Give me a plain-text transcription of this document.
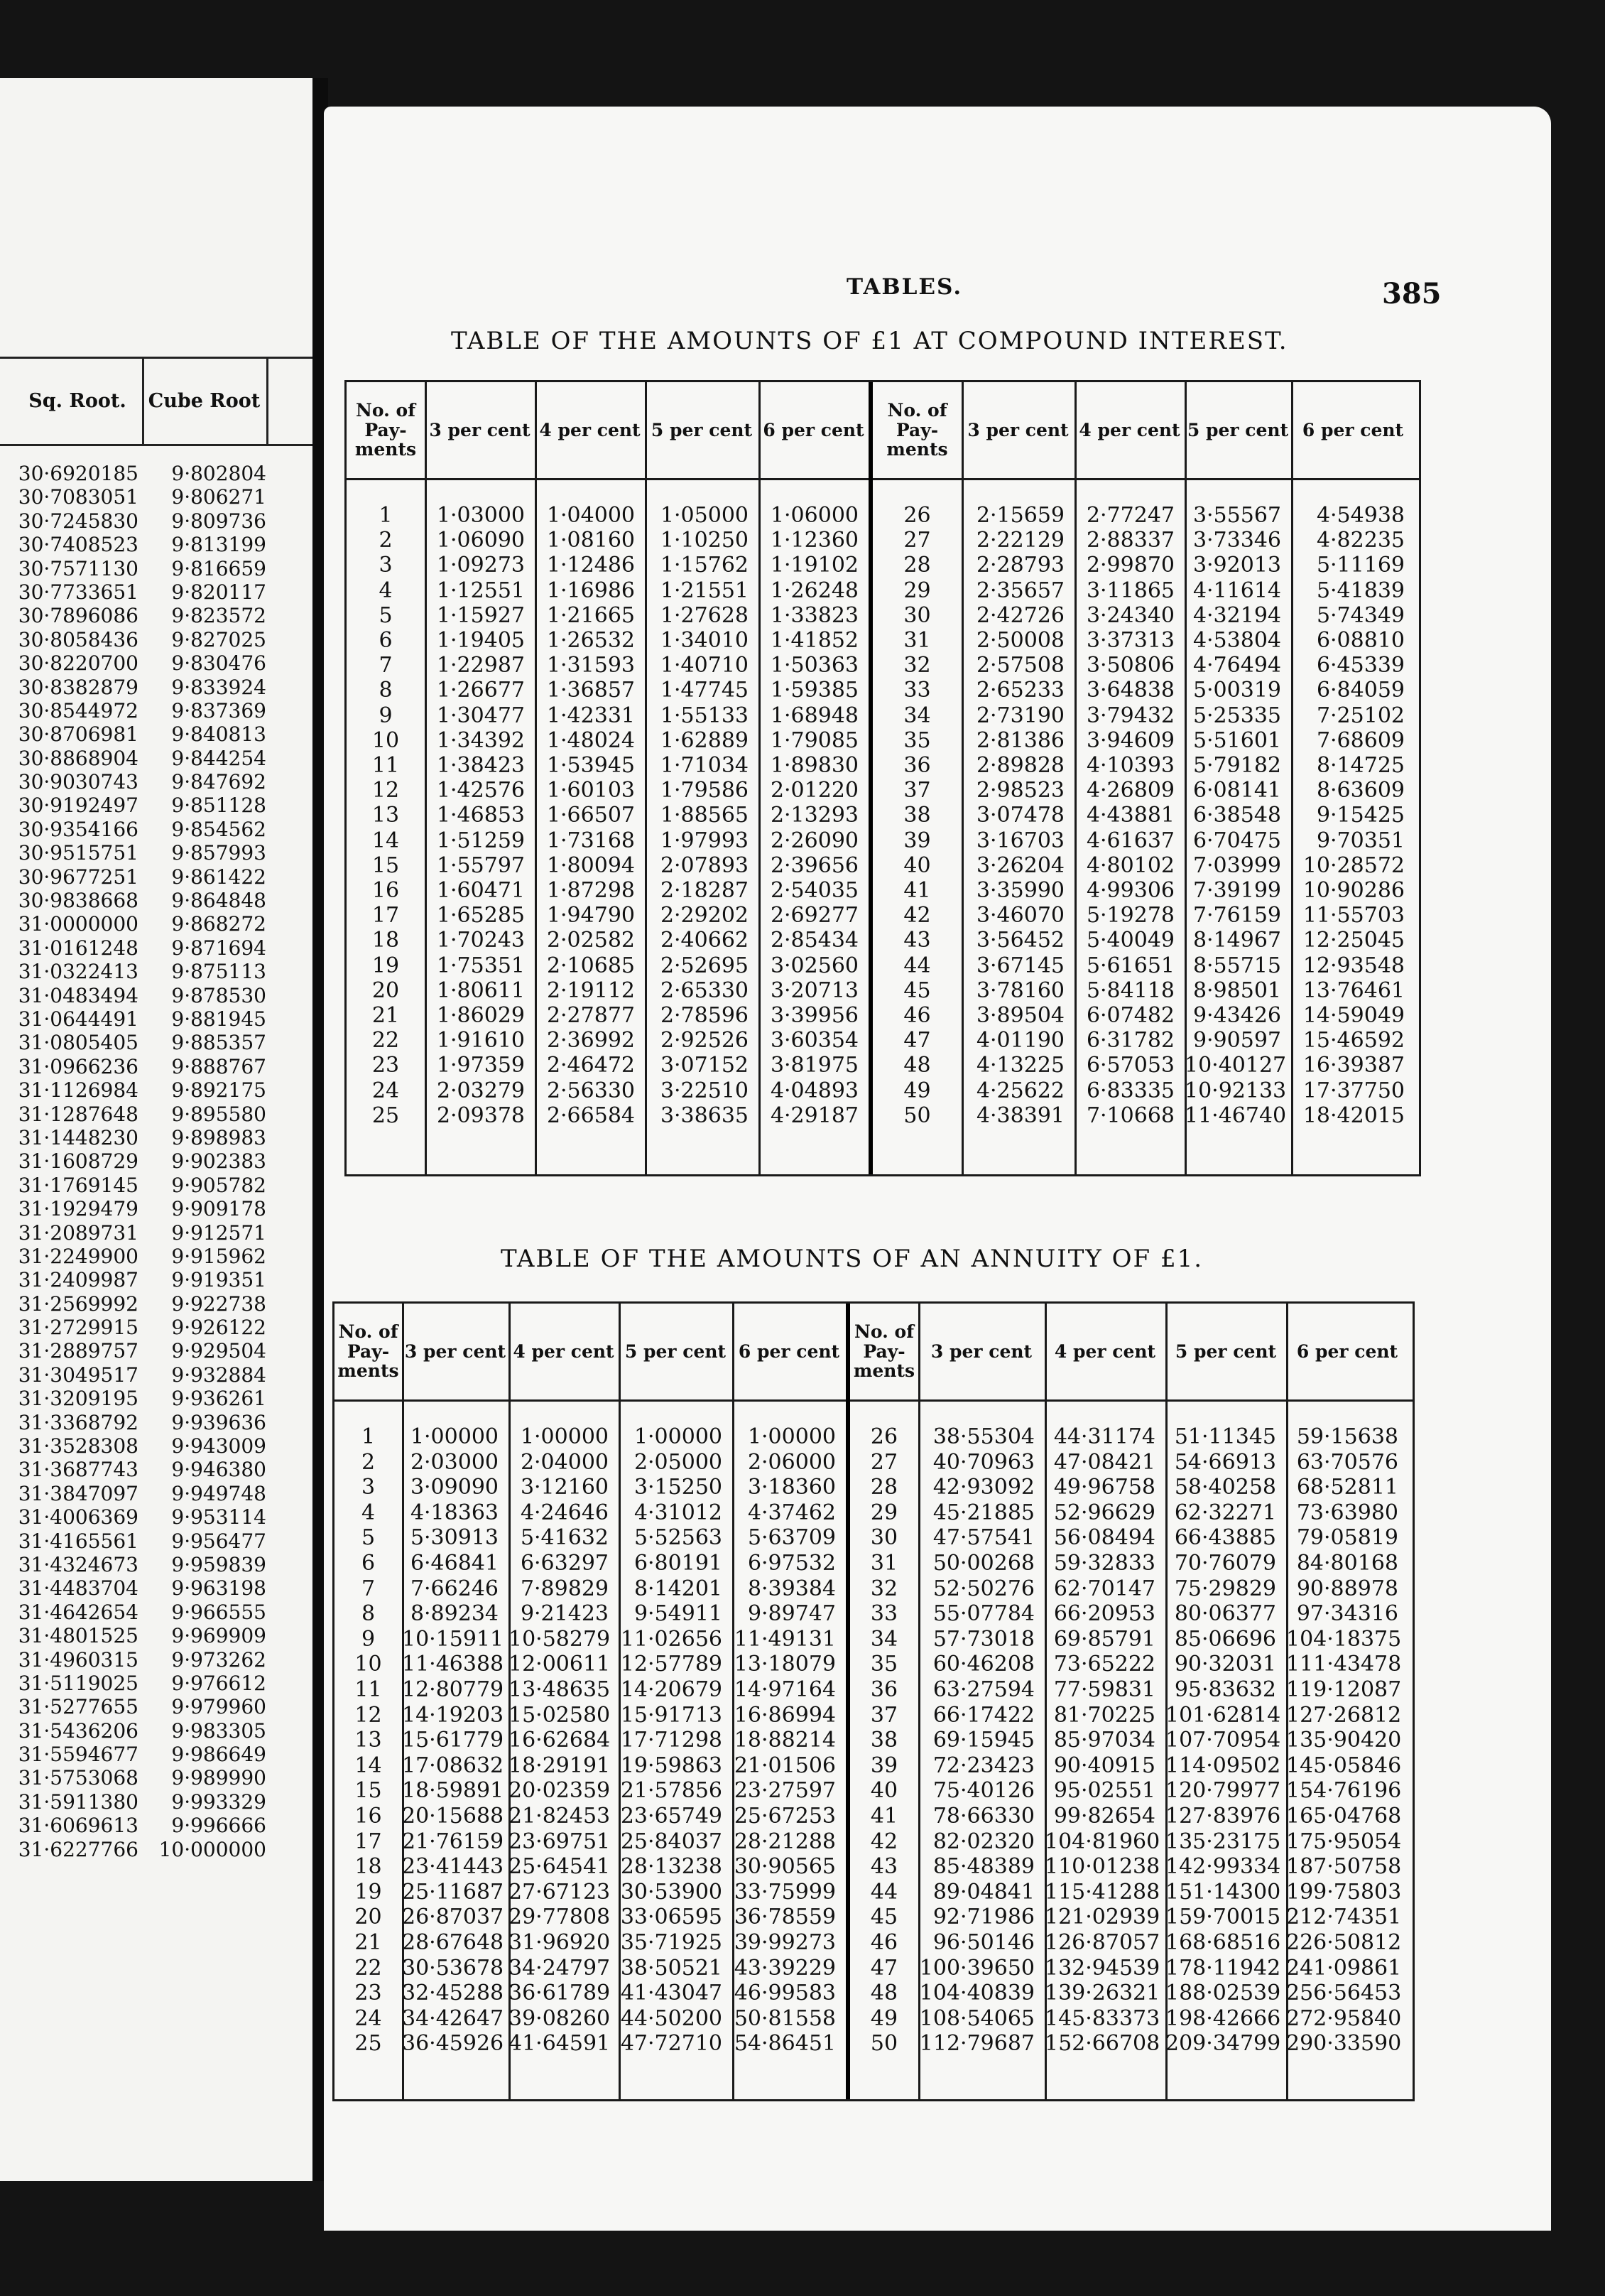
Sq. Root.	Cube Root
30·6920185	9·802804
30·7083051	9·806271
30·7245830	9·809736
30·7408523	9·813199
30·7571130	9·816659
30·7733651	9·820117
30·7896086	9·823572
30·8058436	9·827025
30·8220700	9·830476
30·8382879	9·833924
30·8544972	9·837369
30·8706981	9·840813
30·8868904	9·844254
30·9030743	9·847692
30·9192497	9·851128
30·9354166	9·854562
30·9515751	9·857993
30·9677251	9·861422
30·9838668	9·864848
31·0000000	9·868272
31·0161248	9·871694
31·0322413	9·875113
31·0483494	9·878530
31·0644491	9·881945
31·0805405	9·885357
31·0966236	9·888767
31·1126984	9·892175
31·1287648	9·895580
31·1448230	9·898983
31·1608729	9·902383
31·1769145	9·905782
31·1929479	9·909178
31·2089731	9·912571
31·2249900	9·915962
31·2409987	9·919351
31·2569992	9·922738
31·2729915	9·926122
31·2889757	9·929504
31·3049517	9·932884
31·3209195	9·936261
31·3368792	9·939636
31·3528308	9·943009
31·3687743	9·946380
31·3847097	9·949748
31·4006369	9·953114
31·4165561	9·956477
31·4324673	9·959839
31·4483704	9·963198
31·4642654	9·966555
31·4801525	9·969909
31·4960315	9·973262
31·5119025	9·976612
31·5277655	9·979960
31·5436206	9·983305
31·5594677	9·986649
31·5753068	9·989990
31·5911380	9·993329
31·6069613	9·996666
31·6227766	10·000000
TABLES.	385
TABLE OF THE AMOUNTS OF £1 AT COMPOUND INTEREST.
No. of Pay- ments
3 per cent 4 per cent 5 per cent 6 per cent
No. of Pay- ments
3 per cent 4 per cent 5 per cent 6 per cent
1	1·03000	1·04000	1·05000	1·06000
2	1·06090	1·08160	1·10250	1·12360
3	1·09273	1·12486	1·15762	1·19102
4	1·12551	1·16986	1·21551	1·26248
5	1·15927	1·21665	1·27628	1·33823
6	1·19405	1·26532	1·34010	1·41852
7	1·22987	1·31593	1·40710	1·50363
8	1·26677	1·36857	1·47745	1·59385
9	1·30477	1·42331	1·55133	1·68948
10	1·34392	1·48024	1·62889	1·79085
11	1·38423	1·53945	1·71034	1·89830
12	1·42576	1·60103	1·79586	2·01220
13	1·46853	1·66507	1·88565	2·13293
14	1·51259	1·73168	1·97993	2·26090
15	1·55797	1·80094	2·07893	2·39656
16	1·60471	1·87298	2·18287	2·54035
17	1·65285	1·94790	2·29202	2·69277
18	1·70243	2·02582	2·40662	2·85434
19	1·75351	2·10685	2·52695	3·02560
20	1·80611	2·19112	2·65330	3·20713
21	1·86029	2·27877	2·78596	3·39956
22	1·91610	2·36992	2·92526	3·60354
23	1·97359	2·46472	3·07152	3·81975
24	2·03279	2·56330	3·22510	4·04893
25	2·09378	2·66584	3·38635	4·29187
26	2·15659	2·77247 3·55567	4·54938
27	2·22129	2·88337 3·73346	4·82235
28	2·28793	2·99870 3·92013	5·11169
29	2·35657	3·11865 4·11614	5·41839
30	2·42726	3·24340 4·32194	5·74349
31	2·50008	3·37313 4·53804	6·08810
32	2·57508	3·50806 4·76494	6·45339
33	2·65233	3·64838 5·00319	6·84059
34	2·73190	3·79432 5·25335	7·25102
35	2·81386	3·94609 5·51601	7·68609
36	2·89828	4·10393 5·79182	8·14725
37	2·98523	4·26809 6·08141	8·63609
38	3·07478	4·43881 6·38548	9·15425
39	3·16703	4·61637 6·70475	9·70351
40	3·26204	4·80102 7·03999	10·28572
41	3·35990	4·99306 7·39199	10·90286
42	3·46070	5·19278 7·76159	11·55703
43	3·56452	5·40049 8·14967	12·25045
44	3·67145	5·61651 8·55715	12·93548
45	3·78160	5·84118 8·98501	13·76461
46	3·89504	6·07482 9·43426	14·59049
47	4·01190	6·31782 9·90597	15·46592
48	4·13225	6·57053 10·40127 16·39387
49	4·25622	6·83335 10·92133 17·37750
50	4·38391	7·10668 11·46740 18·42015
TABLE OF THE AMOUNTS OF AN ANNUITY OF £1.
No. of Pay- ments
3 per cent 4 per cent 5 per cent 6 per cent
No. of Pay- ments
3 per cent	4 per cent	5 per cent	6 per cent
1	1·00000	1·00000	1·00000	1·00000
2	2·03000	2·04000	2·05000	2·06000
3	3·09090	3·12160	3·15250	3·18360
4	4·18363	4·24646	4·31012	4·37462
5	5·30913	5·41632	5·52563	5·63709
6	6·46841	6·63297	6·80191	6·97532
7	7·66246	7·89829	8·14201	8·39384
8	8·89234	9·21423	9·54911	9·89747
9	10·15911 10·58279 11·02656 11·49131
10 11·46388 12·00611 12·57789 13·18079
11 12·80779 13·48635 14·20679 14·97164
12 14·19203 15·02580 15·91713 16·86994
13 15·61779 16·62684 17·71298 18·88214
14 17·08632 18·29191 19·59863 21·01506
15 18·59891 20·02359 21·57856 23·27597
16 20·15688 21·82453 23·65749 25·67253
17 21·76159 23·69751 25·84037 28·21288
18 23·41443 25·64541 28·13238 30·90565
19 25·11687 27·67123 30·53900 33·75999
20 26·87037 29·77808 33·06595 36·78559
21 28·67648 31·96920 35·71925 39·99273
22 30·53678 34·24797 38·50521 43·39229
23 32·45288 36·61789 41·43047 46·99583
24 34·42647 39·08260 44·50200 50·81558
25 36·45926 41·64591 47·72710 54·86451
26	38·55304 44·31174 51·11345 59·15638
27	40·70963 47·08421 54·66913 63·70576
28	42·93092 49·96758 58·40258 68·52811
29	45·21885 52·96629 62·32271 73·63980
30	47·57541 56·08494 66·43885 79·05819
31	50·00268 59·32833 70·76079 84·80168
32	52·50276 62·70147 75·29829 90·88978
33	55·07784 66·20953 80·06377 97·34316
34	57·73018 69·85791 85·06696 104·18375
35	60·46208 73·65222 90·32031 111·43478
36	63·27594 77·59831 95·83632 119·12087
37	66·17422 81·70225 101·62814 127·26812
38	69·15945 85·97034 107·70954 135·90420
39	72·23423 90·40915 114·09502 145·05846
40	75·40126 95·02551 120·79977 154·76196
41	78·66330 99·82654 127·83976 165·04768
42	82·02320 104·81960 135·23175 175·95054
43	85·48389 110·01238 142·99334 187·50758
44	89·04841 115·41288 151·14300 199·75803
45	92·71986 121·02939 159·70015 212·74351
46	96·50146 126·87057 168·68516 226·50812
47	100·39650 132·94539 178·11942 241·09861
48	104·40839 139·26321 188·02539 256·56453
49	108·54065 145·83373 198·42666 272·95840
50	112·79687 152·66708 209·34799 290·33590
